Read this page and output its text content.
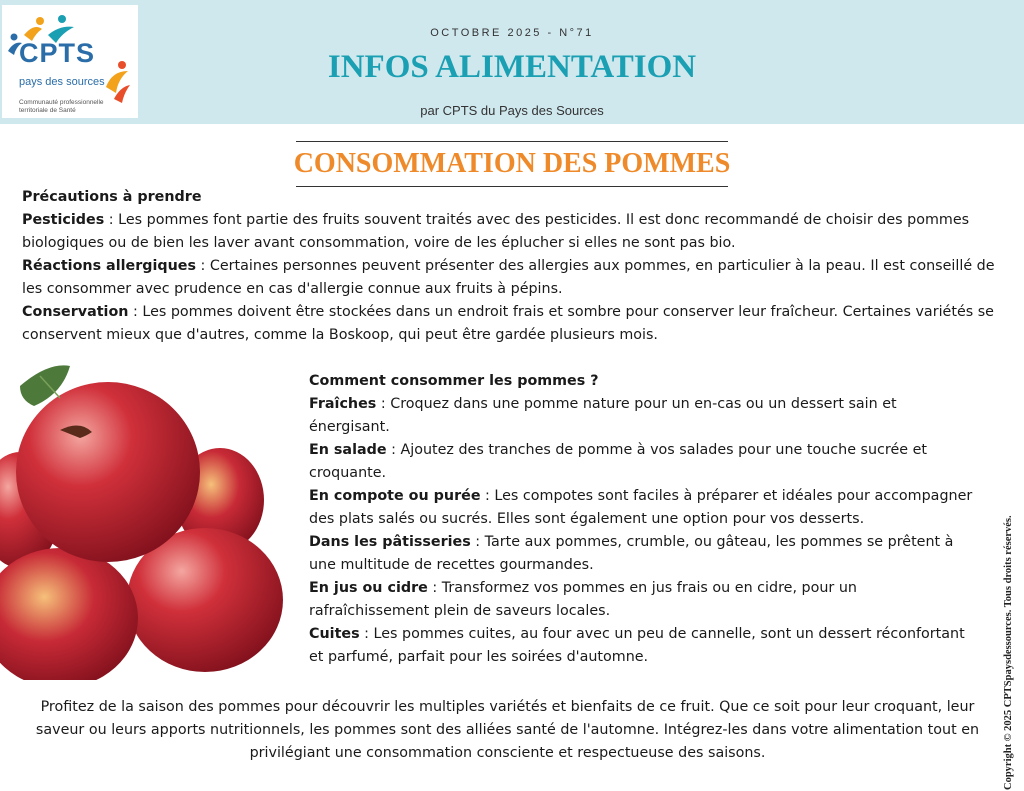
CPTS
pays des sources
Communauté professionnelle territoriale de Santé
OCTOBRE 2025 - N°71
INFOS ALIMENTATION
par CPTS du Pays des Sources
CONSOMMATION DES POMMES

Précautions à prendre

Pesticides : Les pommes font partie des fruits souvent traités avec des pesticides. Il est donc recommandé de choisir des pommes biologiques ou de bien les laver avant consommation, voire de les éplucher si elles ne sont pas bio.

Réactions allergiques : Certaines personnes peuvent présenter des allergies aux pommes, en particulier à la peau. Il est conseillé de les consommer avec prudence en cas d'allergie connue aux fruits à pépins.

Conservation : Les pommes doivent être stockées dans un endroit frais et sombre pour conserver leur fraîcheur. Certaines variétés se conservent mieux que d'autres, comme la Boskoop, qui peut être gardée plusieurs mois.

Comment consommer les pommes ?

Fraîches : Croquez dans une pomme nature pour un en-cas ou un dessert sain et énergisant.

En salade : Ajoutez des tranches de pomme à vos salades pour une touche sucrée et croquante.

En compote ou purée : Les compotes sont faciles à préparer et idéales pour accompagner des plats salés ou sucrés. Elles sont également une option pour vos desserts.

Dans les pâtisseries : Tarte aux pommes, crumble, ou gâteau, les pommes se prêtent à une multitude de recettes gourmandes.

En jus ou cidre : Transformez vos pommes en jus frais ou en cidre, pour un rafraîchissement plein de saveurs locales.

Cuites : Les pommes cuites, au four avec un peu de cannelle, sont un dessert réconfortant et parfumé, parfait pour les soirées d'automne.

Profitez de la saison des pommes pour découvrir les multiples variétés et bienfaits de ce fruit. Que ce soit pour leur croquant, leur saveur ou leurs apports nutritionnels, les pommes sont des alliées santé de l'automne. Intégrez-les dans votre alimentation tout en privilégiant une consommation consciente et respectueuse des saisons.	Copyright © 2025 CPTSpaysdessources. Tous droits réservés.
